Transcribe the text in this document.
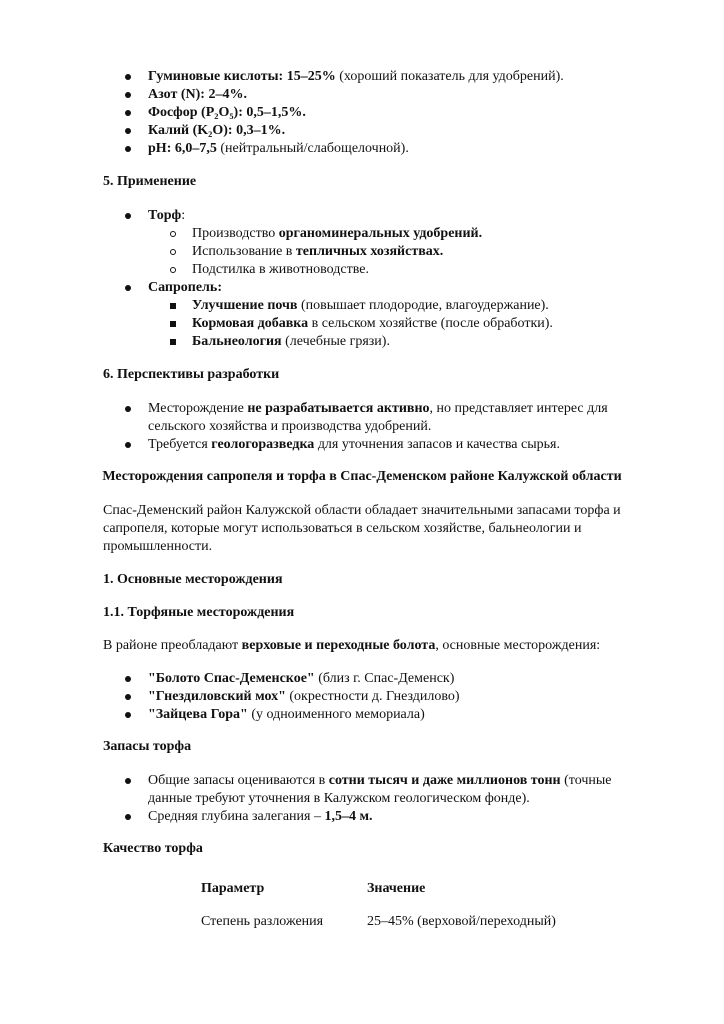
Гуминовые кислоты: 15–25% (хороший показатель для удобрений).
Азот (N): 2–4%.
Фосфор (P₂O₅): 0,5–1,5%.
Калий (K₂O): 0,3–1%.
pH: 6,0–7,5 (нейтральный/слабощелочной).
5. Применение
Торф:
Производство органоминеральных удобрений.
Использование в тепличных хозяйствах.
Подстилка в животноводстве.
Сапропель:
Улучшение почв (повышает плодородие, влагоудержание).
Кормовая добавка в сельском хозяйстве (после обработки).
Бальнеология (лечебные грязи).
6. Перспективы разработки
Месторождение не разрабатывается активно, но представляет интерес для
сельского хозяйства и производства удобрений.
Требуется геологоразведка для уточнения запасов и качества сырья.
Месторождения сапропеля и торфа в Спас-Деменском районе Калужской области
Спас-Деменский район Калужской области обладает значительными запасами торфа и
сапропеля, которые могут использоваться в сельском хозяйстве, бальнеологии и
промышленности.
1. Основные месторождения
1.1. Торфяные месторождения
В районе преобладают верховые и переходные болота, основные месторождения:
"Болото Спас-Деменское" (близ г. Спас-Деменск)
"Гнездиловский мох" (окрестности д. Гнездилово)
"Зайцева Гора" (у одноименного мемориала)
Запасы торфа
Общие запасы оцениваются в сотни тысяч и даже миллионов тонн (точные
данные требуют уточнения в Калужском геологическом фонде).
Средняя глубина залегания – 1,5–4 м.
Качество торфа
Параметр	Значение
Степень разложения	25–45% (верховой/переходный)
